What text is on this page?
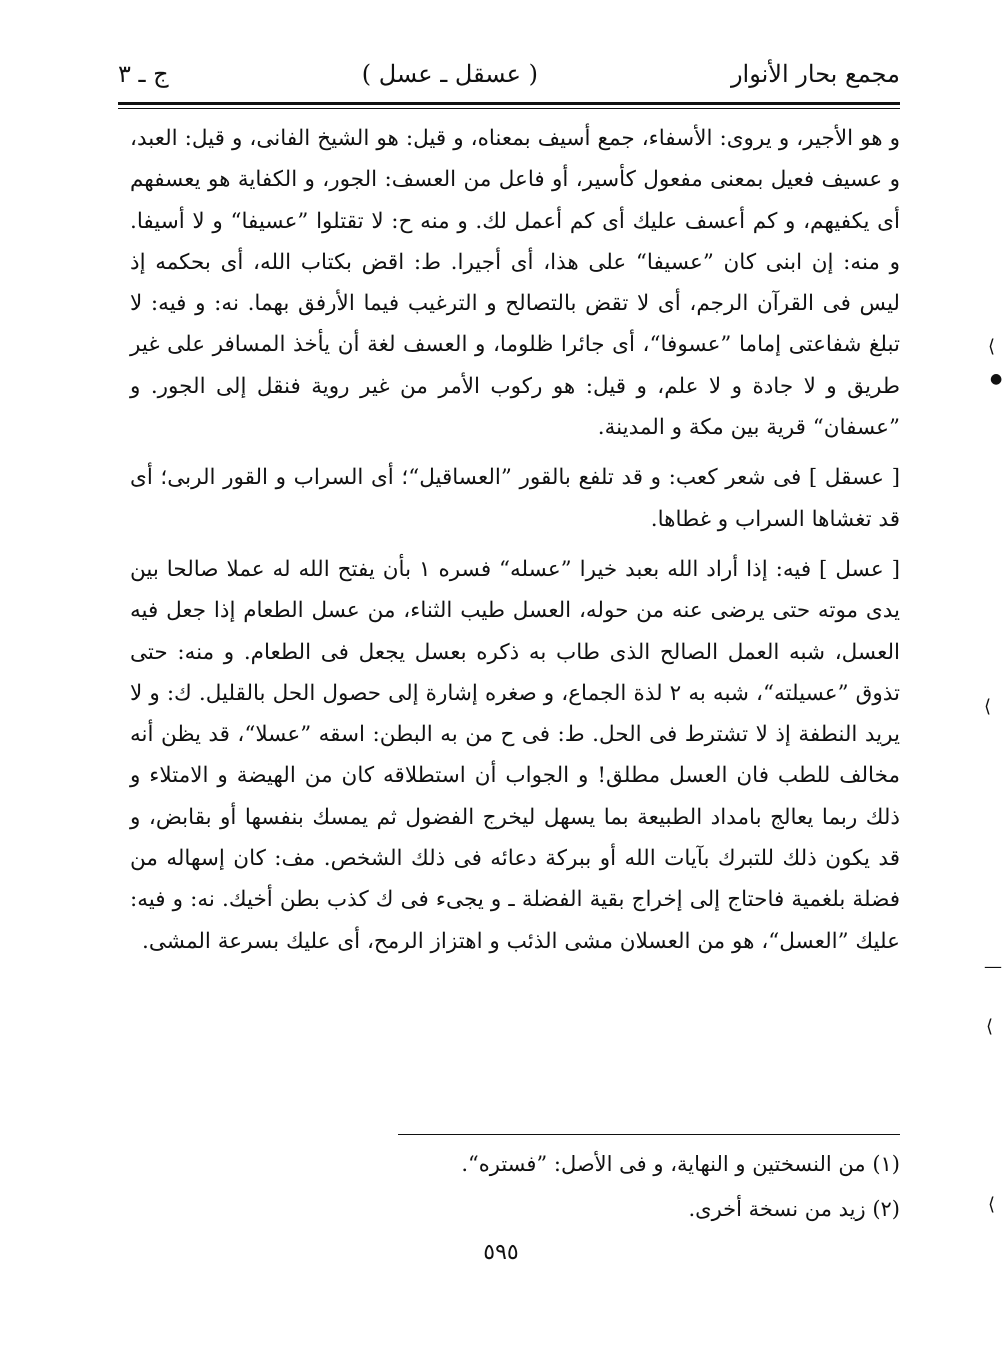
مجمع بحار الأنوار
( عسقل ـ عسل )
ج ـ ٣

و هو الأجير، و يروى: الأسفاء، جمع أسيف بمعناه، و قيل: هو الشيخ الفانى، و قيل: العبد، و عسيف فعيل بمعنى مفعول كأسير، أو فاعل من العسف: الجور، و الكفاية هو يعسفهم أى يكفيهم، و كم أعسف عليك أى كم أعمل لك. و منه ح: لا تقتلوا ”عسيفا“ و لا أسيفا. و منه: إن ابنى كان ”عسيفا“ على هذا، أى أجيرا. ط: اقض بكتاب الله، أى بحكمه إذ ليس فى القرآن الرجم، أى لا تقض بالتصالح و الترغيب فيما الأرفق بهما. نه: و فيه: لا تبلغ شفاعتى إماما ”عسوفا“، أى جائرا ظلوما، و العسف لغة أن يأخذ المسافر على غير طريق و لا جادة و لا علم، و قيل: هو ركوب الأمر من غير روية فنقل إلى الجور. و ”عسفان“ قرية بين مكة و المدينة.

[ عسقل ] فى شعر كعب: و قد تلفع بالقور ”العساقيل“؛ أى السراب و القور الربى؛ أى قد تغشاها السراب و غطاها.

[ عسل ] فيه: إذا أراد الله بعبد خيرا ”عسله“ فسره ١ بأن يفتح الله له عملا صالحا بين يدى موته حتى يرضى عنه من حوله، العسل طيب الثناء، من عسل الطعام إذا جعل فيه العسل، شبه العمل الصالح الذى طاب به ذكره بعسل يجعل فى الطعام. و منه: حتى تذوق ”عسيلته“، شبه به ٢ لذة الجماع، و صغره إشارة إلى حصول الحل بالقليل. ك: و لا يريد النطفة إذ لا تشترط فى الحل. ط: فى ح من به البطن: اسقه ”عسلا“، قد يظن أنه مخالف للطب فان العسل مطلق! و الجواب أن استطلاقه كان من الهيضة و الامتلاء و ذلك ربما يعالج بامداد الطبيعة بما يسهل ليخرج الفضول ثم يمسك بنفسها أو بقابض، و قد يكون ذلك للتبرك بآيات الله أو ببركة دعائه فى ذلك الشخص. مف: كان إسهاله من فضلة بلغمية فاحتاج إلى إخراج بقية الفضلة ـ و يجىء فى ك كذب بطن أخيك. نه: و فيه: عليك ”العسل“، هو من العسلان مشى الذئب و اهتزاز الرمح، أى عليك بسرعة المشى.

(١) من النسختين و النهاية، و فى الأصل: ”فستره“.

(٢) زيد من نسخة أخرى.

٥٩٥
⟩
●
⟩
—
⟩
⟩
